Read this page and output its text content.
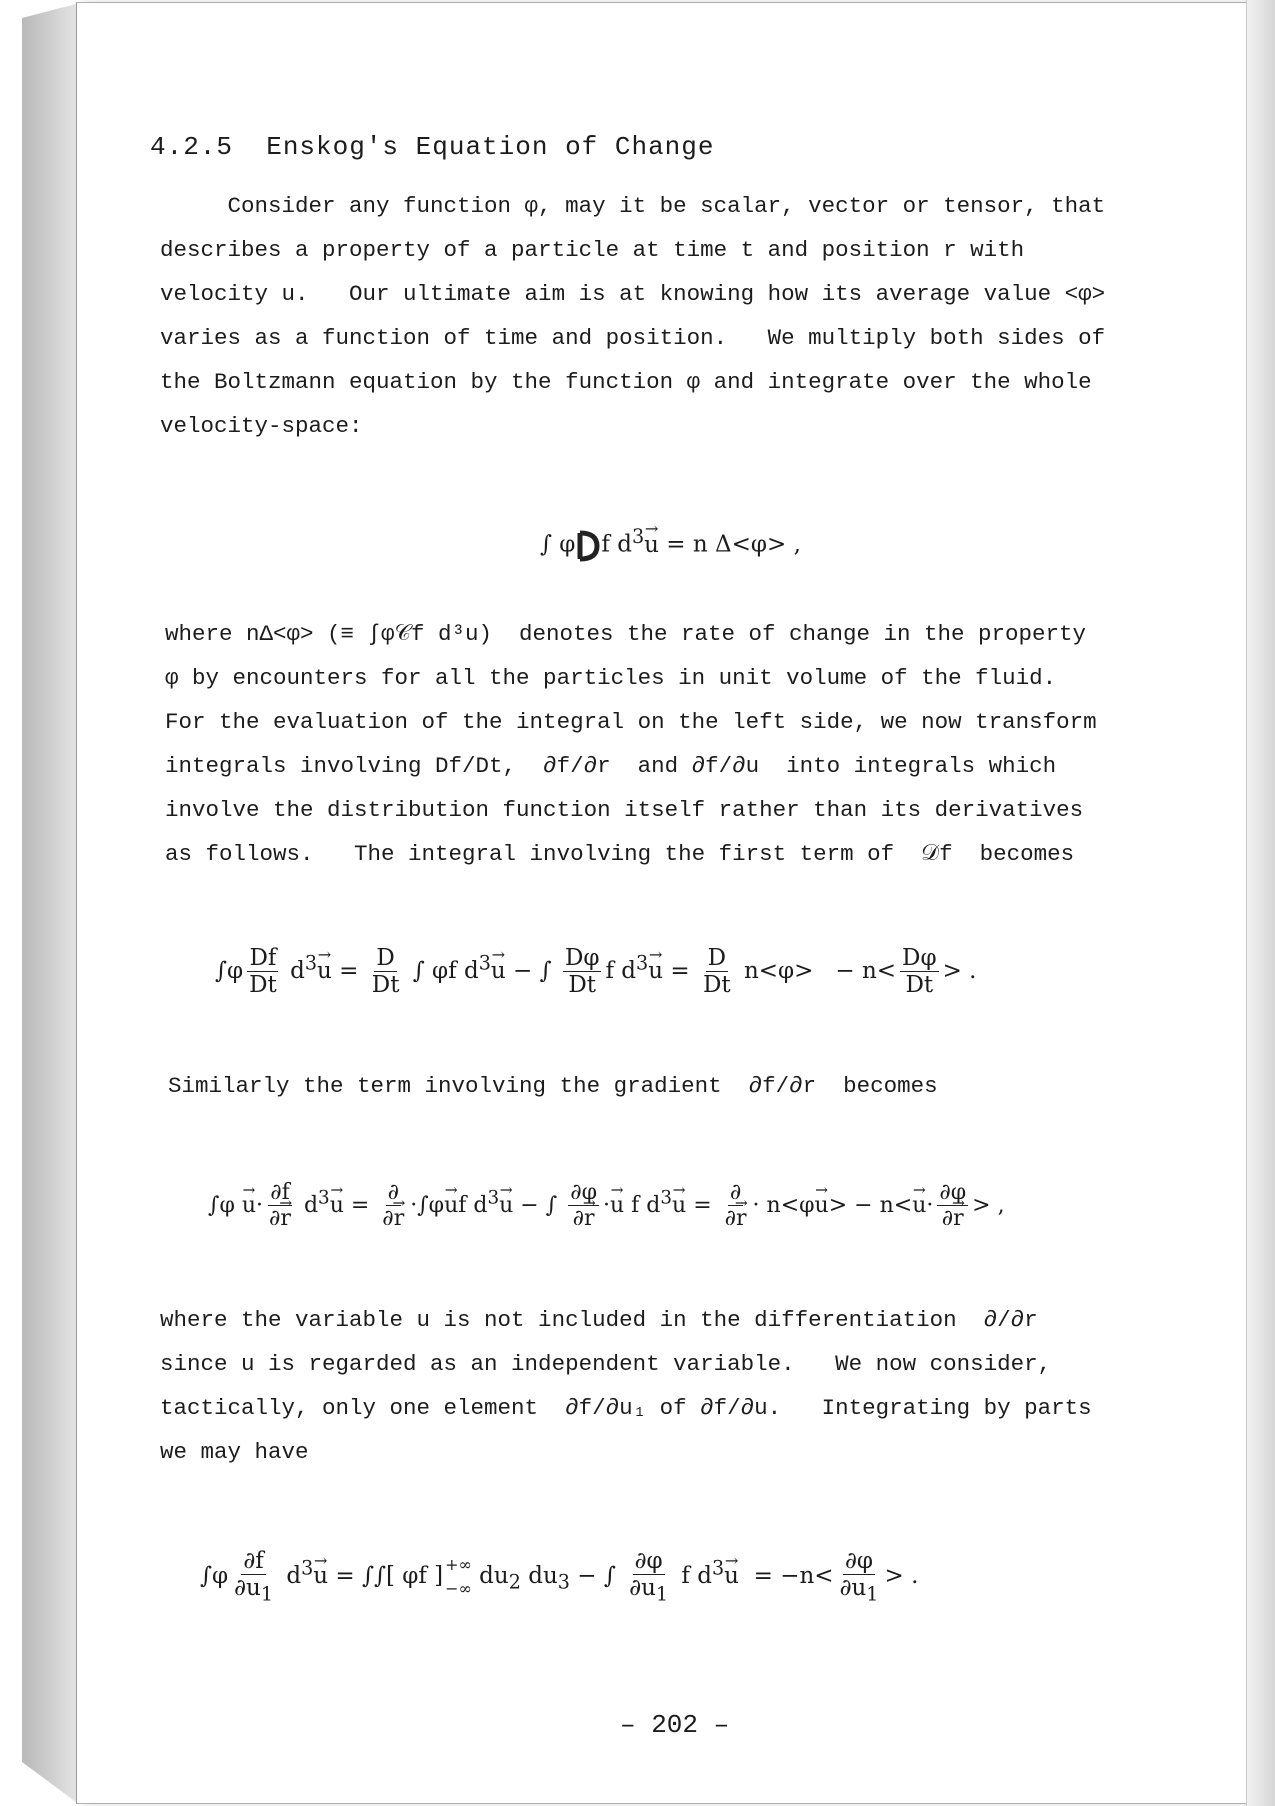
4.2.5  Enskog's Equation of Change
Consider any function φ, may it be scalar, vector or tensor, that
describes a property of a particle at time t and position r with
velocity u.   Our ultimate aim is at knowing how its average value <φ>
varies as a function of time and position.   We multiply both sides of
the Boltzmann equation by the function φ and integrate over the whole
velocity-space:
∫ φ f $d^3\to u = n$ Δ<φ> ,
where nΔ<φ> (≡ ∫φ𝒞f d³u)  denotes the rate of change in the property
φ by encounters for all the particles in unit volume of the fluid.
For the evaluation of the integral on the left side, we now transform
integrals involving Df/Dt,  ∂f/∂r  and ∂f/∂u  into integrals which
involve the distribution function itself rather than its derivatives
as follows.   The integral involving the first term of  𝒟f  becomes
$\int\varphi \frac{Df}{Dt} d^3\to u = \frac{D}{Dt}$ ∫ φf $d^3\to u$ − ∫ $\frac{D\varphi}{Dt}$ f $d^3\to u = \frac{D}{Dt} n<\varphi> - n< \frac{D\varphi}{Dt}$ > .
Similarly the term involving the gradient  ∂f/∂r  becomes
$\int\varphi \to u\cdot \frac{\partial f}{\partial\to r} d^3\to u = \frac{\partial}{\partial\to r} \cdot\int\varphi\to$ uf $d^3\to u$ − ∫ $\frac{\partial\varphi}{\partial\to r} \cdot\to u$ f $d^3\to u = \frac{\partial}{\partial\to r} \cdot n<\varphi\to u> - n<\to u\cdot \frac{\partial\varphi}{\partial\to r}$ > ,
where the variable u is not included in the differentiation  ∂/∂r
since u is regarded as an independent variable.   We now consider,
tactically, only one element  ∂f/∂u₁ of ∂f/∂u.   Integrating by parts
we may have
$\int\varphi \frac{\partial f}{\partial u_1} d^3\to u$ = ∫∫[ φf ] +∞
−∞ $du_2$ $du_3$ − ∫ $\frac{\partial\varphi}{\partial u_1}$ f $d^3\to u = -n< \frac{\partial\varphi}{\partial u_1}$ > .
– 202 –
